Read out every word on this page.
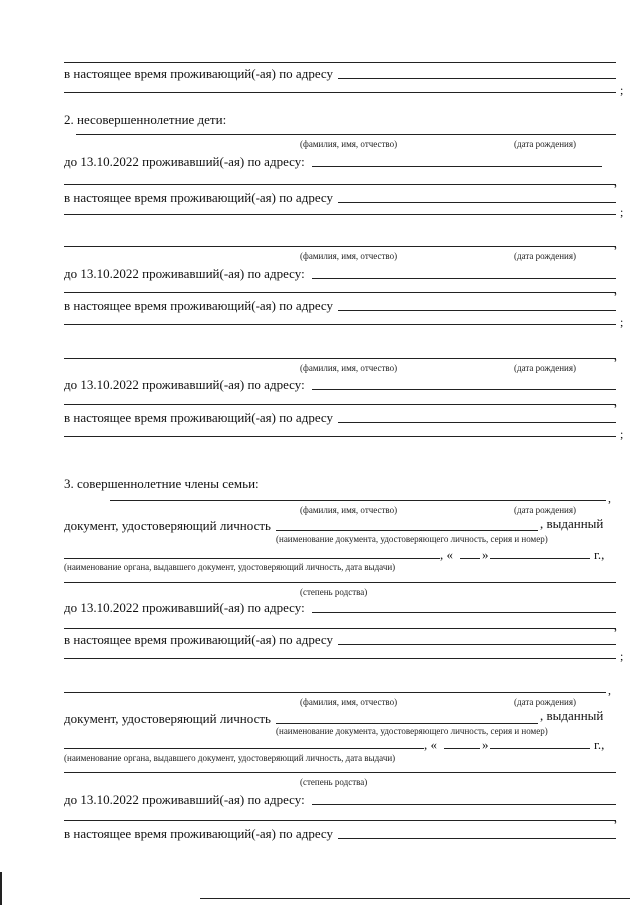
в настоящее время проживающий(-ая) по адресу
;
2. несовершеннолетние дети:
(фамилия, имя, отчество)	(дата рождения)
до 13.10.2022 проживавший(-ая) по адресу:
,
в настоящее время проживающий(-ая) по адресу
;
,
(фамилия, имя, отчество)	(дата рождения)
до 13.10.2022 проживавший(-ая) по адресу:
,
в настоящее время проживающий(-ая) по адресу
;
,
(фамилия, имя, отчество)	(дата рождения)
до 13.10.2022 проживавший(-ая) по адресу:
,
в настоящее время проживающий(-ая) по адресу
;
3. совершеннолетние члены семьи:
,
(фамилия, имя, отчество)	(дата рождения)
документ, удостоверяющий личность	, выданный
(наименование документа, удостоверяющего личность, серия и номер)
, « »	г.,
(наименование органа, выдавшего документ, удостоверяющий личность, дата выдачи)
(степень родства)
до 13.10.2022 проживавший(-ая) по адресу:
,
в настоящее время проживающий(-ая) по адресу
;
,
(фамилия, имя, отчество)	(дата рождения)
документ, удостоверяющий личность	, выданный
(наименование документа, удостоверяющего личность, серия и номер)
, «	»	г.,
(наименование органа, выдавшего документ, удостоверяющий личность, дата выдачи)
(степень родства)
до 13.10.2022 проживавший(-ая) по адресу:
,
в настоящее время проживающий(-ая) по адресу
